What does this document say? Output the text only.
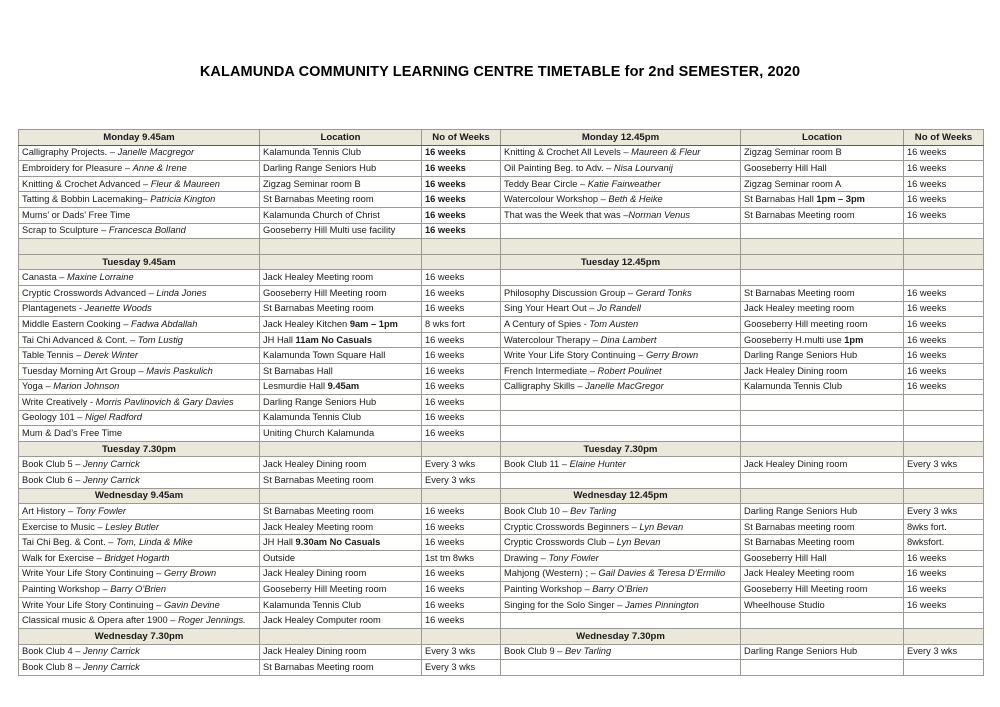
KALAMUNDA COMMUNITY LEARNING CENTRE TIMETABLE for 2nd SEMESTER, 2020
Monday 9.45am	Location	No of Weeks	Monday 12.45pm	Location	No of Weeks
Calligraphy Projects. – Janelle Macgregor	Kalamunda Tennis Club	16 weeks	Knitting & Crochet All Levels – Maureen & Fleur	Zigzag Seminar room B	16 weeks
Embroidery for Pleasure – Anne & Irene	Darling Range Seniors Hub	16 weeks	Oil Painting Beg. to Adv. – Nisa Lourvanij	Gooseberry Hill Hall	16 weeks
Knitting & Crochet Advanced – Fleur & Maureen	Zigzag Seminar room B	16 weeks	Teddy Bear Circle – Katie Fairweather	Zigzag Seminar room A	16 weeks
Tatting & Bobbin Lacemaking– Patricia Kington	St Barnabas Meeting room	16 weeks	Watercolour Workshop – Beth & Heike	St Barnabas Hall 1pm – 3pm	16 weeks
Mums’ or Dads’ Free Time	Kalamunda Church of Christ	16 weeks	That was the Week that was –Norman Venus	St Barnabas Meeting room	16 weeks
Scrap to Sculpture – Francesca Bolland	Gooseberry Hill Multi use facility	16 weeks			

Tuesday 9.45am			Tuesday 12.45pm		
Canasta – Maxine Lorraine	Jack Healey Meeting room	16 weeks			
Cryptic Crosswords Advanced – Linda Jones	Gooseberry Hill Meeting room	16 weeks	Philosophy Discussion Group – Gerard Tonks	St Barnabas Meeting room	16 weeks
Plantagenets - Jeanette Woods	St Barnabas Meeting room	16 weeks	Sing Your Heart Out – Jo Randell	Jack Healey meeting room	16 weeks
Middle Eastern Cooking – Fadwa Abdallah	Jack Healey Kitchen 9am – 1pm	8 wks fort	A Century of Spies - Tom Austen	Gooseberry Hill meeting room	16 weeks
Tai Chi Advanced & Cont. – Tom Lustig	JH Hall 11am No Casuals	16 weeks	Watercolour Therapy – Dina Lambert	Gooseberry H.multi use 1pm	16 weeks
Table Tennis – Derek Winter	Kalamunda Town Square Hall	16 weeks	Write Your Life Story Continuing – Gerry Brown	Darling Range Seniors Hub	16 weeks
Tuesday Morning Art Group – Mavis Paskulich	St Barnabas Hall	16 weeks	French Intermediate – Robert Poulinet	Jack Healey Dining room	16 weeks
Yoga – Marion Johnson	Lesmurdie Hall 9.45am	16 weeks	Calligraphy Skills – Janelle MacGregor	Kalamunda Tennis Club	16 weeks
Write Creatively - Morris Pavlinovich & Gary Davies	Darling Range Seniors Hub	16 weeks			
Geology 101 – Nigel Radford	Kalamunda Tennis Club	16 weeks			
Mum & Dad’s Free Time	Uniting Church Kalamunda	16 weeks			
Tuesday 7.30pm			Tuesday 7.30pm		
Book Club 5 – Jenny Carrick	Jack Healey Dining room	Every 3 wks	Book Club 11 – Elaine Hunter	Jack Healey Dining room	Every 3 wks
Book Club 6 – Jenny Carrick	St Barnabas Meeting room	Every 3 wks			
Wednesday 9.45am			Wednesday 12.45pm		
Art History – Tony Fowler	St Barnabas Meeting room	16 weeks	Book Club 10 – Bev Tarling	Darling Range Seniors Hub	Every 3 wks
Exercise to Music – Lesley Butler	Jack Healey Meeting room	16 weeks	Cryptic Crosswords Beginners – Lyn Bevan	St Barnabas meeting room	8wks fort.
Tai Chi Beg. & Cont. – Tom, Linda & Mike	JH Hall 9.30am No Casuals	16 weeks	Cryptic Crosswords Club – Lyn Bevan	St Barnabas Meeting room	8wksfort.
Walk for Exercise – Bridget Hogarth	Outside	1st tm 8wks	Drawing – Tony Fowler	Gooseberry Hill Hall	16 weeks
Write Your Life Story Continuing – Gerry Brown	Jack Healey Dining room	16 weeks	Mahjong (Western) ; – Gail Davies & Teresa D’Ermilio	Jack Healey Meeting room	16 weeks
Painting Workshop – Barry O’Brien	Gooseberry Hill Meeting room	16 weeks	Painting Workshop – Barry O’Brien	Gooseberry Hill Meeting room	16 weeks
Write Your Life Story Continuing – Gavin Devine	Kalamunda Tennis Club	16 weeks	Singing for the Solo Singer – James Pinnington	Wheelhouse Studio	16 weeks
Classical music & Opera after 1900 – Roger Jennings.	Jack Healey Computer room	16 weeks			
Wednesday 7.30pm			Wednesday 7.30pm		
Book Club 4 – Jenny Carrick	Jack Healey Dining room	Every 3 wks	Book Club 9 – Bev Tarling	Darling Range Seniors Hub	Every 3 wks
Book Club 8 – Jenny Carrick	St Barnabas Meeting room	Every 3 wks			
